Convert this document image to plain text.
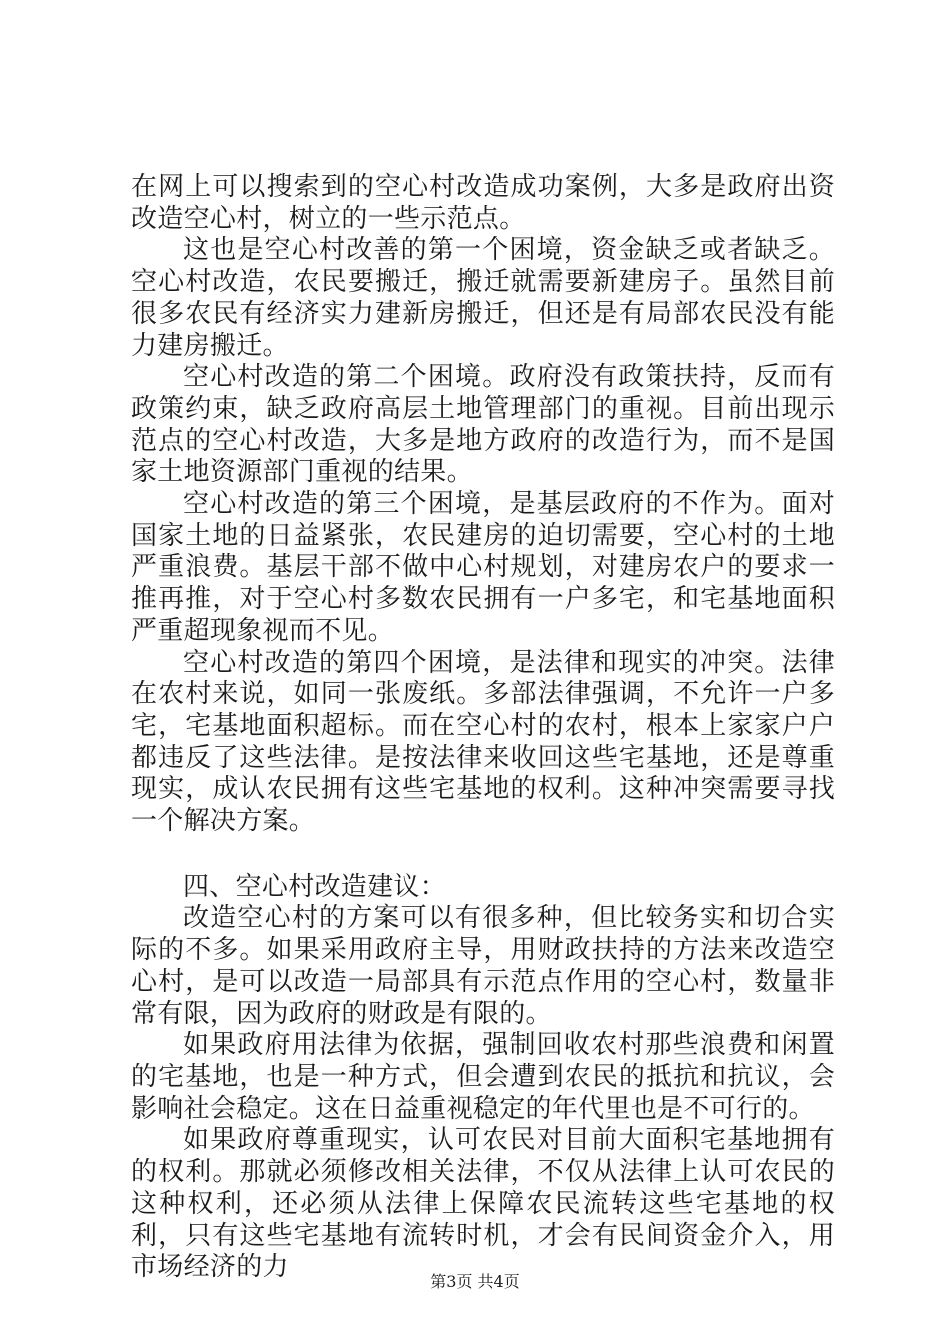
在网上可以搜索到的空心村改造成功案例，大多是政府出资改造空心村，树立的一些示范点。

这也是空心村改善的第一个困境，资金缺乏或者缺乏。空心村改造，农民要搬迁，搬迁就需要新建房子。虽然目前很多农民有经济实力建新房搬迁，但还是有局部农民没有能力建房搬迁。

空心村改造的第二个困境。政府没有政策扶持，反而有政策约束，缺乏政府高层土地管理部门的重视。目前出现示范点的空心村改造，大多是地方政府的改造行为，而不是国家土地资源部门重视的结果。

空心村改造的第三个困境，是基层政府的不作为。面对国家土地的日益紧张，农民建房的迫切需要，空心村的土地严重浪费。基层干部不做中心村规划，对建房农户的要求一推再推，对于空心村多数农民拥有一户多宅，和宅基地面积严重超现象视而不见。

空心村改造的第四个困境，是法律和现实的冲突。法律在农村来说，如同一张废纸。多部法律强调，不允许一户多宅，宅基地面积超标。而在空心村的农村，根本上家家户户都违反了这些法律。是按法律来收回这些宅基地，还是尊重现实，成认农民拥有这些宅基地的权利。这种冲突需要寻找一个解决方案。

四、空心村改造建议：

改造空心村的方案可以有很多种，但比较务实和切合实际的不多。如果采用政府主导，用财政扶持的方法来改造空心村，是可以改造一局部具有示范点作用的空心村，数量非常有限，因为政府的财政是有限的。

如果政府用法律为依据，强制回收农村那些浪费和闲置的宅基地，也是一种方式，但会遭到农民的抵抗和抗议，会影响社会稳定。这在日益重视稳定的年代里也是不可行的。

如果政府尊重现实，认可农民对目前大面积宅基地拥有的权利。那就必须修改相关法律，不仅从法律上认可农民的这种权利，还必须从法律上保障农民流转这些宅基地的权利，只有这些宅基地有流转时机，才会有民间资金介入，用市场经济的力	第3页 共4页
